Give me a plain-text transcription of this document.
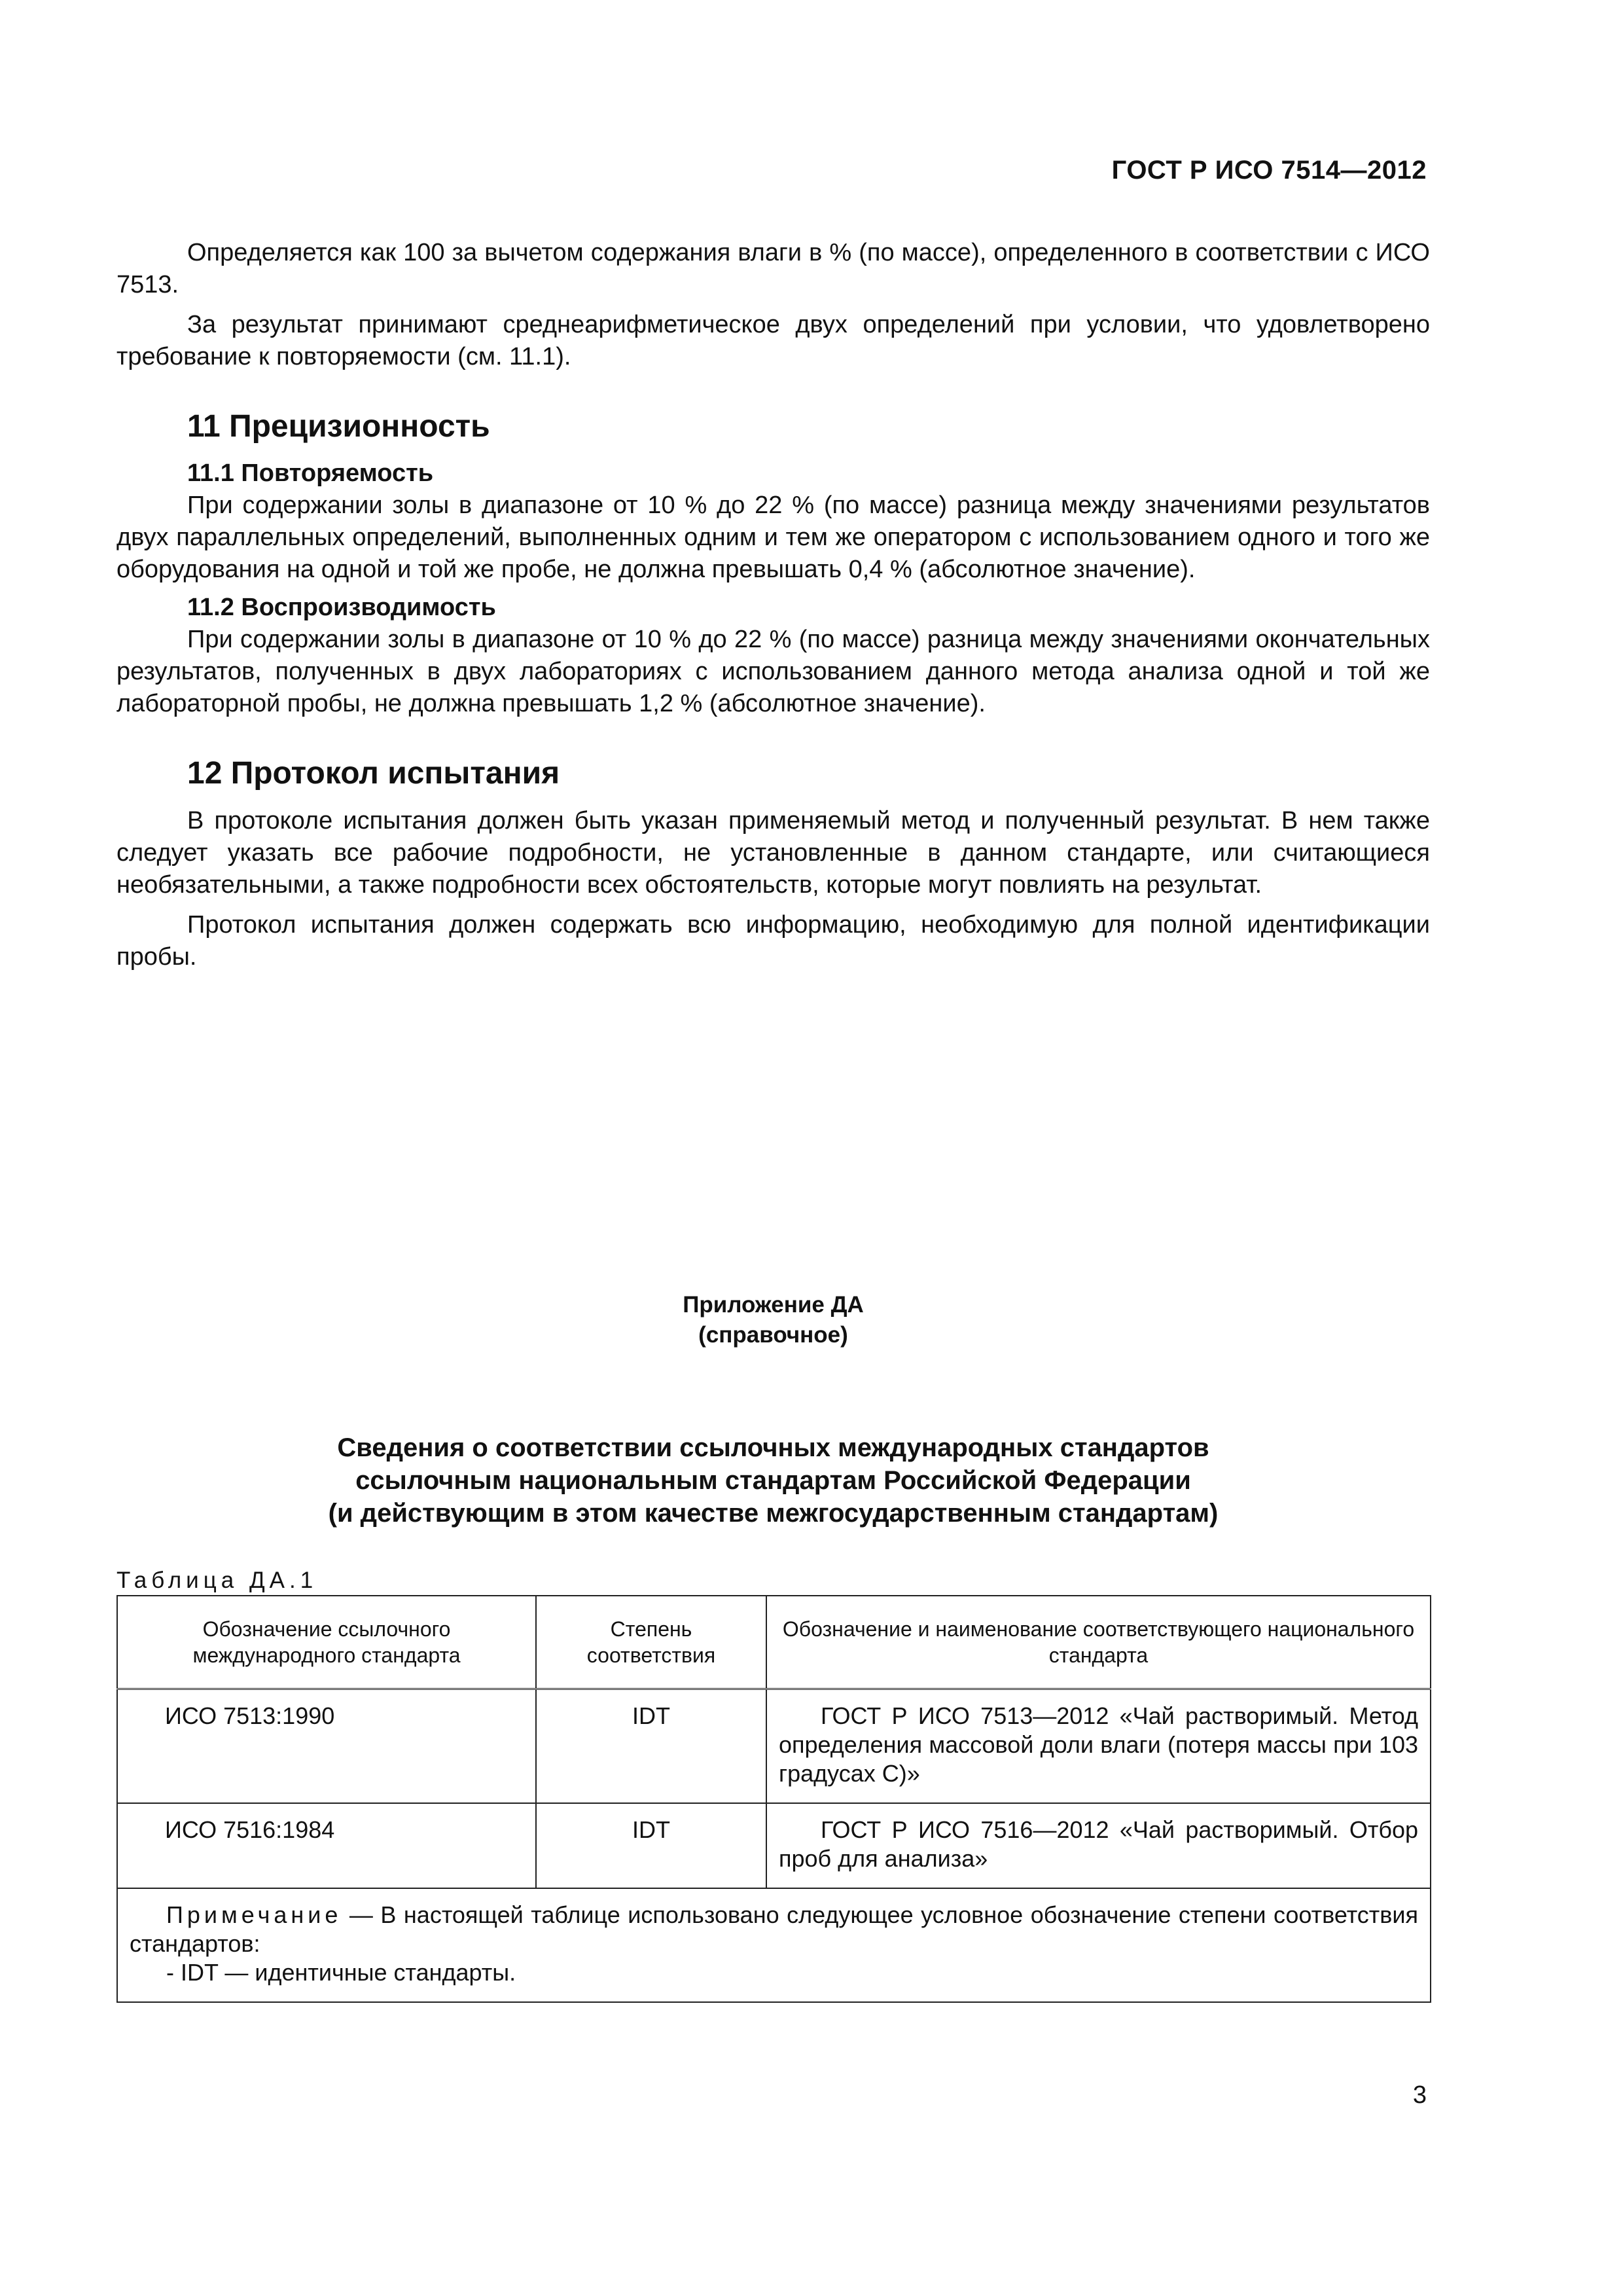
ГОСТ Р ИСО 7514—2012

Определяется как 100 за вычетом содержания влаги в % (по массе), определенного в соответствии с ИСО 7513.

За результат принимают среднеарифметическое двух определений при условии, что удовлетворено требование к повторяемости (см. 11.1).

11 Прецизионность
11.1 Повторяемость

При содержании золы в диапазоне от 10 % до 22 % (по массе) разница между значениями результатов двух параллельных определений, выполненных одним и тем же оператором с использованием одного и того же оборудования на одной и той же пробе, не должна превышать 0,4 % (абсолютное значение).

11.2 Воспроизводимость

При содержании золы в диапазоне от 10 % до 22 % (по массе) разница между значениями окончательных результатов, полученных в двух лабораториях с использованием данного метода анализа одной и той же лабораторной пробы, не должна превышать 1,2 % (абсолютное значение).

12 Протокол испытания

В протоколе испытания должен быть указан применяемый метод и полученный результат. В нем также следует указать все рабочие подробности, не установленные в данном стандарте, или считающиеся необязательными, а также подробности всех обстоятельств, которые могут повлиять на результат.

Протокол испытания должен содержать всю информацию, необходимую для полной идентификации пробы.

Приложение ДА
(справочное)
Сведения о соответствии ссылочных международных стандартов
ссылочным национальным стандартам Российской Федерации
(и действующим в этом качестве межгосударственным стандартам)
Таблица ДА.1
Обозначение ссылочного международного стандарта	Степень соответствия	Обозначение и наименование соответствующего национального стандарта
ИСО 7513:1990	IDT	ГОСТ Р ИСО 7513—2012 «Чай растворимый. Метод определения массовой доли влаги (потеря массы при 103 градусах С)»
ИСО 7516:1984	IDT	ГОСТ Р ИСО 7516—2012 «Чай растворимый. Отбор проб для анализа»
Примечание — В настоящей таблице использовано следующее условное обозначение степени соответствия стандартов:
- IDT — идентичные стандарты.		
3
